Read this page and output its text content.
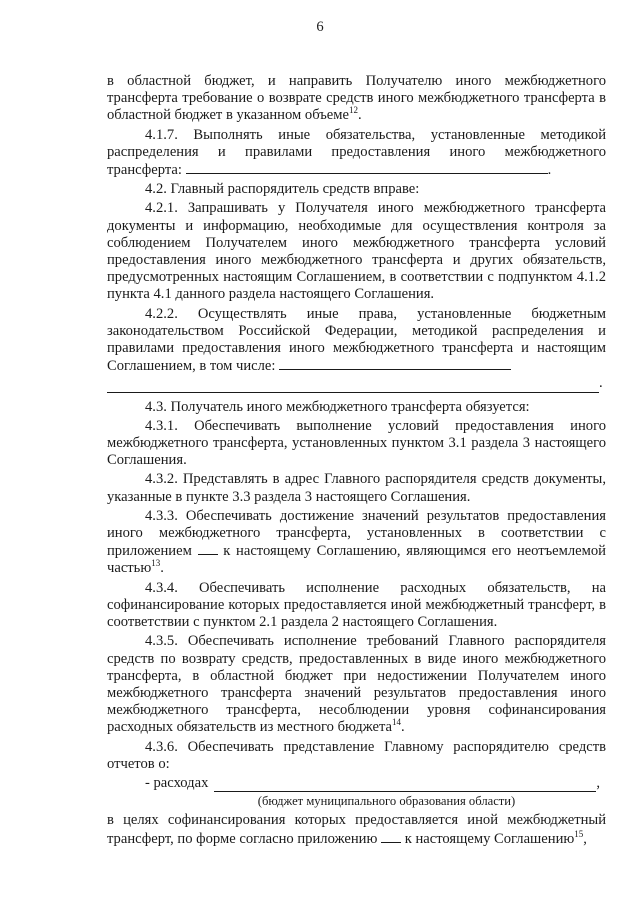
6

в областной бюджет, и направить Получателю иного межбюджетного трансферта требование о возврате средств иного межбюджетного трансферта в областной бюджет в указанном объеме$^{12}$.

4.1.7. Выполнять иные обязательства, установленные методикой распределения и правилами предоставления иного межбюджетного трансферта:	.

4.2. Главный распорядитель средств вправе:

4.2.1. Запрашивать у Получателя иного межбюджетного трансферта документы и информацию, необходимые для осуществления контроля за соблюдением Получателем иного межбюджетного трансферта условий предоставления иного межбюджетного трансферта и других обязательств, предусмотренных настоящим Соглашением, в соответствии с подпунктом 4.1.2 пункта 4.1 данного раздела настоящего Соглашения.

4.2.2. Осуществлять иные права, установленные бюджетным законодательством Российской Федерации, методикой распределения и правилами предоставления иного межбюджетного трансферта и настоящим Соглашением, в том числе:

.

4.3. Получатель иного межбюджетного трансферта обязуется:

4.3.1. Обеспечивать выполнение условий предоставления иного межбюджетного трансферта, установленных пунктом 3.1 раздела 3 настоящего Соглашения.

4.3.2. Представлять в адрес Главного распорядителя средств документы, указанные в пункте 3.3 раздела 3 настоящего Соглашения.

4.3.3. Обеспечивать достижение значений результатов предоставления иного межбюджетного трансферта, установленных в соответствии с приложением к настоящему Соглашению, являющимся его неотъемлемой частью$^{13}$.

4.3.4. Обеспечивать исполнение расходных обязательств, на софинансирование которых предоставляется иной межбюджетный трансферт, в соответствии с пунктом 2.1 раздела 2 настоящего Соглашения.

4.3.5. Обеспечивать исполнение требований Главного распорядителя средств по возврату средств, предоставленных в виде иного межбюджетного трансферта, в областной бюджет при недостижении Получателем иного межбюджетного трансферта значений результатов предоставления иного межбюджетного трансферта, несоблюдении уровня софинансирования расходных обязательств из местного бюджета$^{14}$.

4.3.6. Обеспечивать представление Главному распорядителю средств отчетов о:

- расходах	,
(бюджет муниципального образования области)

в целях софинансирования которых предоставляется иной межбюджетный трансферт, по форме согласно приложению к настоящему Соглашению$^{15}$,
